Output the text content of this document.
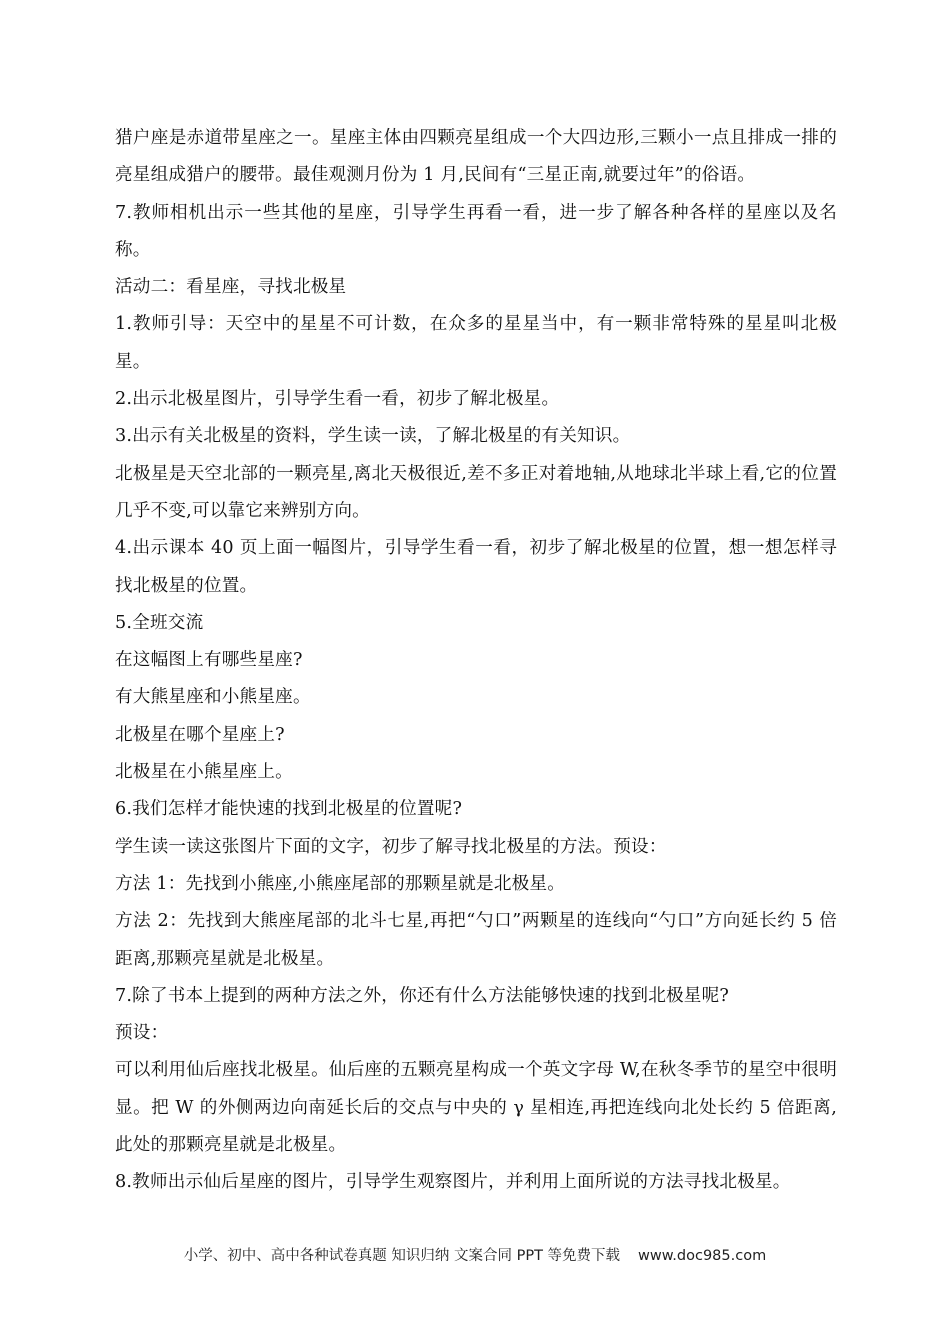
猎户座是赤道带星座之一。星座主体由四颗亮星组成一个大四边形,三颗小一点且排成一排的亮星组成猎户的腰带。最佳观测月份为 1 月,民间有“三星正南,就要过年”的俗语。

7.教师相机出示一些其他的星座，引导学生再看一看，进一步了解各种各样的星座以及名称。

活动二：看星座，寻找北极星

1.教师引导：天空中的星星不可计数，在众多的星星当中，有一颗非常特殊的星星叫北极星。

2.出示北极星图片，引导学生看一看，初步了解北极星。

3.出示有关北极星的资料，学生读一读，了解北极星的有关知识。

北极星是天空北部的一颗亮星,离北天极很近,差不多正对着地轴,从地球北半球上看,它的位置几乎不变,可以靠它来辨别方向。

4.出示课本 40 页上面一幅图片，引导学生看一看，初步了解北极星的位置，想一想怎样寻找北极星的位置。

5.全班交流

在这幅图上有哪些星座?

有大熊星座和小熊星座。

北极星在哪个星座上?

北极星在小熊星座上。

6.我们怎样才能快速的找到北极星的位置呢?

学生读一读这张图片下面的文字，初步了解寻找北极星的方法。预设：

方法 1：先找到小熊座,小熊座尾部的那颗星就是北极星。

方法 2：先找到大熊座尾部的北斗七星,再把“勺口”两颗星的连线向“勺口”方向延长约 5 倍距离,那颗亮星就是北极星。

7.除了书本上提到的两种方法之外，你还有什么方法能够快速的找到北极星呢?

预设：

可以利用仙后座找北极星。仙后座的五颗亮星构成一个英文字母 W,在秋冬季节的星空中很明显。把 W 的外侧两边向南延长后的交点与中央的 γ 星相连,再把连线向北处长约 5 倍距离,此处的那颗亮星就是北极星。

8.教师出示仙后星座的图片，引导学生观察图片，并利用上面所说的方法寻找北极星。

小学、初中、高中各种试卷真题 知识归纳 文案合同 PPT 等免费下载 www.doc985.com
